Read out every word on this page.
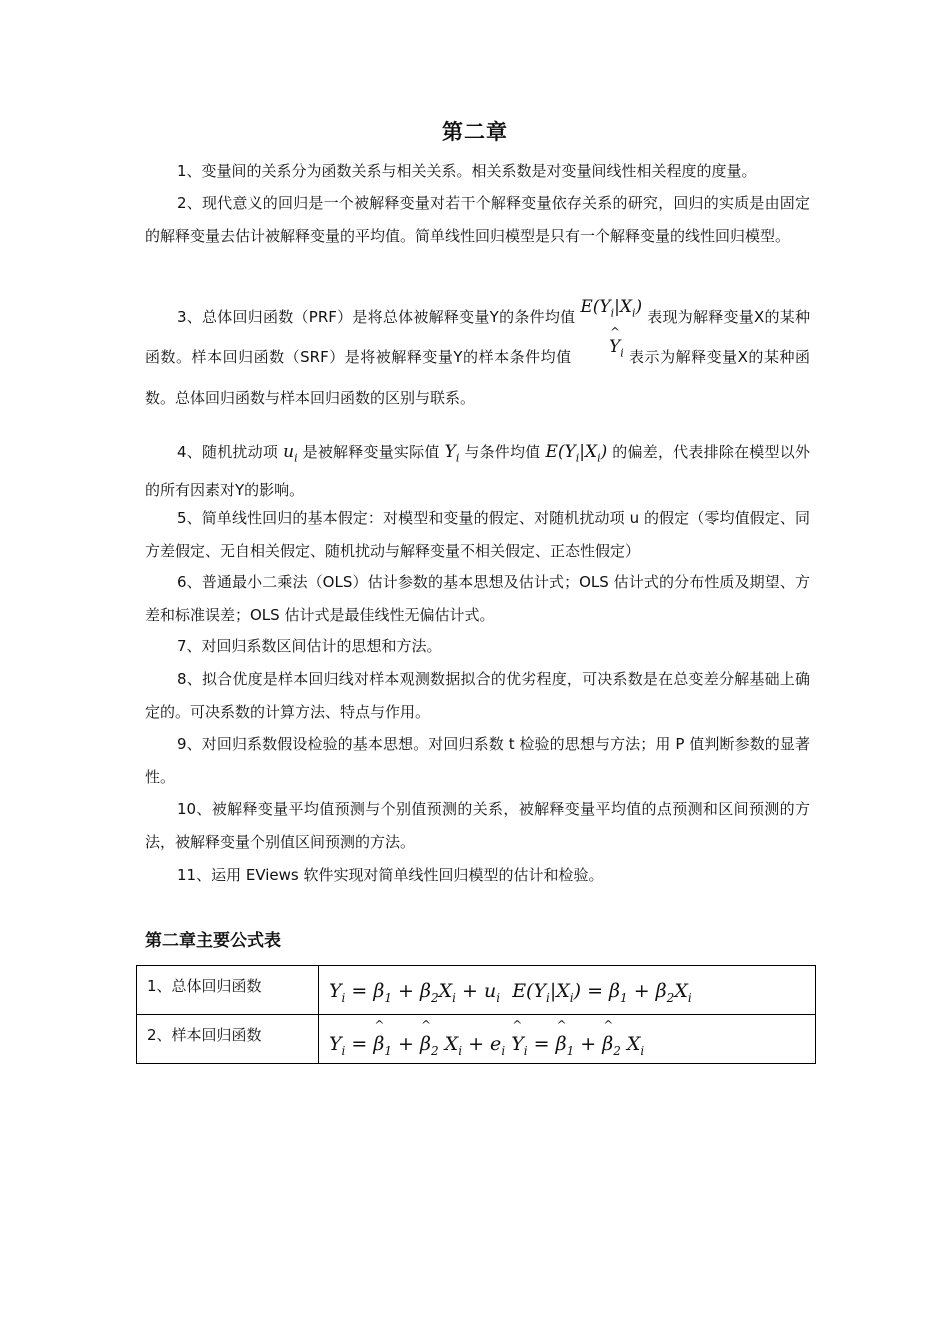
第二章
1、变量间的关系分为函数关系与相关关系。相关系数是对变量间线性相关程度的度量。
2、现代意义的回归是一个被解释变量对若干个解释变量依存关系的研究，回归的实质是由固定的解释变量去估计被解释变量的平均值。简单线性回归模型是只有一个解释变量的线性回归模型。
3、总体回归函数（PRF）是将总体被解释变量Y的条件均值 $E(Y_i|X_i)$ 表现为解释变量X的某种函数。样本回归函数（SRF）是将被解释变量Y的样本条件均值 ^ $Y_i$ 表示为解释变量X的某种函数。总体回归函数与样本回归函数的区别与联系。
4、随机扰动项 $u_i$ 是被解释变量实际值 $Y_i$ 与条件均值 $E(Y_i|X_i)$ 的偏差，代表排除在模型以外的所有因素对Y的影响。
5、简单线性回归的基本假定：对模型和变量的假定、对随机扰动项 u 的假定（零均值假定、同方差假定、无自相关假定、随机扰动与解释变量不相关假定、正态性假定）
6、普通最小二乘法（OLS）估计参数的基本思想及估计式；OLS 估计式的分布性质及期望、方差和标准误差；OLS 估计式是最佳线性无偏估计式。
7、对回归系数区间估计的思想和方法。
8、拟合优度是样本回归线对样本观测数据拟合的优劣程度，可决系数是在总变差分解基础上确定的。可决系数的计算方法、特点与作用。
9、对回归系数假设检验的基本思想。对回归系数 t 检验的思想与方法；用 P 值判断参数的显著性。
10、被解释变量平均值预测与个别值预测的关系，被解释变量平均值的点预测和区间预测的方法，被解释变量个别值区间预测的方法。
11、运用 EViews 软件实现对简单线性回归模型的估计和检验。
第二章主要公式表
1、总体回归函数	$Y_i = \beta_1 + \beta_2X_i + u_i$  $E(Y_i|X_i) = \beta_1 + \beta_2X_i$
2、样本回归函数	$Y_i$ = ^ $\beta_1$ + ^ $\beta_2$ $X_i + e_i$ ^ $Y_i$ = ^ $\beta_1$ + ^ $\beta_2$ $X_i$
